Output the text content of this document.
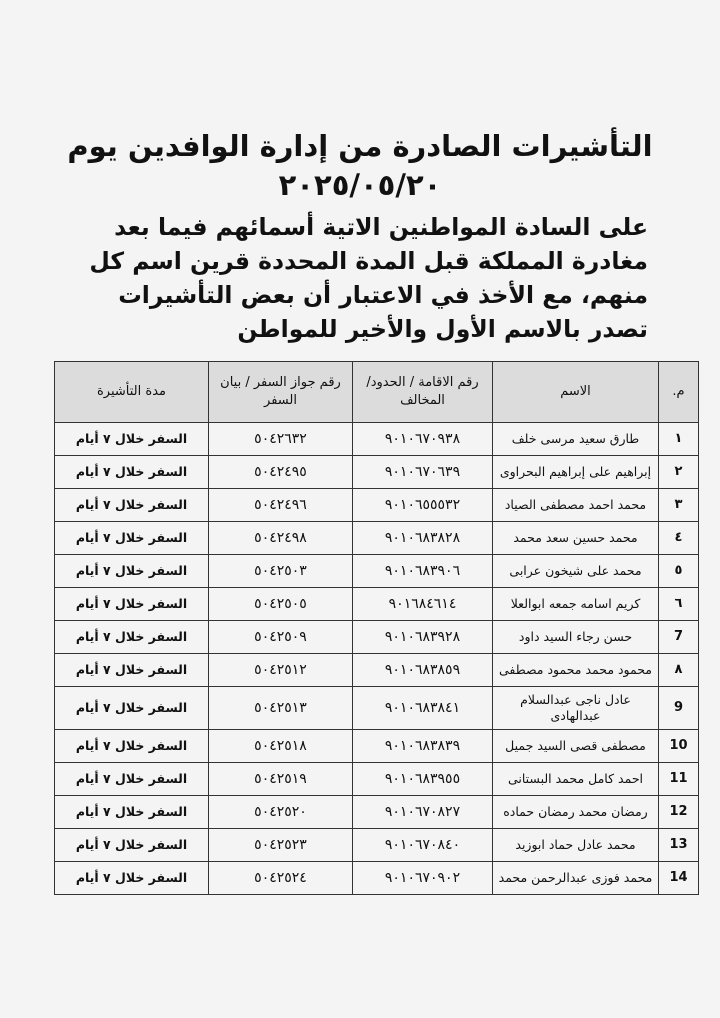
التأشيرات الصادرة من إدارة الوافدين يوم
٢٠٢٥/٠٥/٢٠
على السادة المواطنين الاتية أسمائهم فيما بعد مغادرة المملكة قبل المدة المحددة قرين اسم كل منهم، مع الأخذ في الاعتبار أن بعض التأشيرات تصدر بالاسم الأول والأخير للمواطن
م.	الاسم	رقم الاقامة / الحدود/ المخالف	رقم جواز السفر / بيان السفر	مدة التأشيرة
١	طارق سعيد مرسى خلف	٩٠١٠٦٧٠٩٣٨	٥٠٤٢٦٣٢	السفر خلال ٧ أيام
٢	إبراهيم على إبراهيم البحراوى	٩٠١٠٦٧٠٦٣٩	٥٠٤٢٤٩٥	السفر خلال ٧ أيام
٣	محمد احمد مصطفى الصياد	٩٠١٠٦٥٥٥٣٢	٥٠٤٢٤٩٦	السفر خلال ٧ أيام
٤	محمد حسين سعد محمد	٩٠١٠٦٨٣٨٢٨	٥٠٤٢٤٩٨	السفر خلال ٧ أيام
٥	محمد على شيخون عرابى	٩٠١٠٦٨٣٩٠٦	٥٠٤٢٥٠٣	السفر خلال ٧ أيام
٦	كريم اسامه جمعه ابوالعلا	٩٠١٦٨٤٦١٤	٥٠٤٢٥٠٥	السفر خلال ٧ أيام
7	حسن رجاء السيد داود	٩٠١٠٦٨٣٩٢٨	٥٠٤٢٥٠٩	السفر خلال ٧ أيام
٨	محمود محمد محمود مصطفى	٩٠١٠٦٨٣٨٥٩	٥٠٤٢٥١٢	السفر خلال ٧ أيام
9	عادل ناجى عبدالسلام عبدالهادى	٩٠١٠٦٨٣٨٤١	٥٠٤٢٥١٣	السفر خلال ٧ أيام
10	مصطفى قصى السيد جميل	٩٠١٠٦٨٣٨٣٩	٥٠٤٢٥١٨	السفر خلال ٧ أيام
11	احمد كامل محمد البستانى	٩٠١٠٦٨٣٩٥٥	٥٠٤٢٥١٩	السفر خلال ٧ أيام
12	رمضان محمد رمضان حماده	٩٠١٠٦٧٠٨٢٧	٥٠٤٢٥٢٠	السفر خلال ٧ أيام
13	محمد عادل حماد ابوزيد	٩٠١٠٦٧٠٨٤٠	٥٠٤٢٥٢٣	السفر خلال ٧ أيام
14	محمد فوزى عبدالرحمن محمد	٩٠١٠٦٧٠٩٠٢	٥٠٤٢٥٢٤	السفر خلال ٧ أيام
